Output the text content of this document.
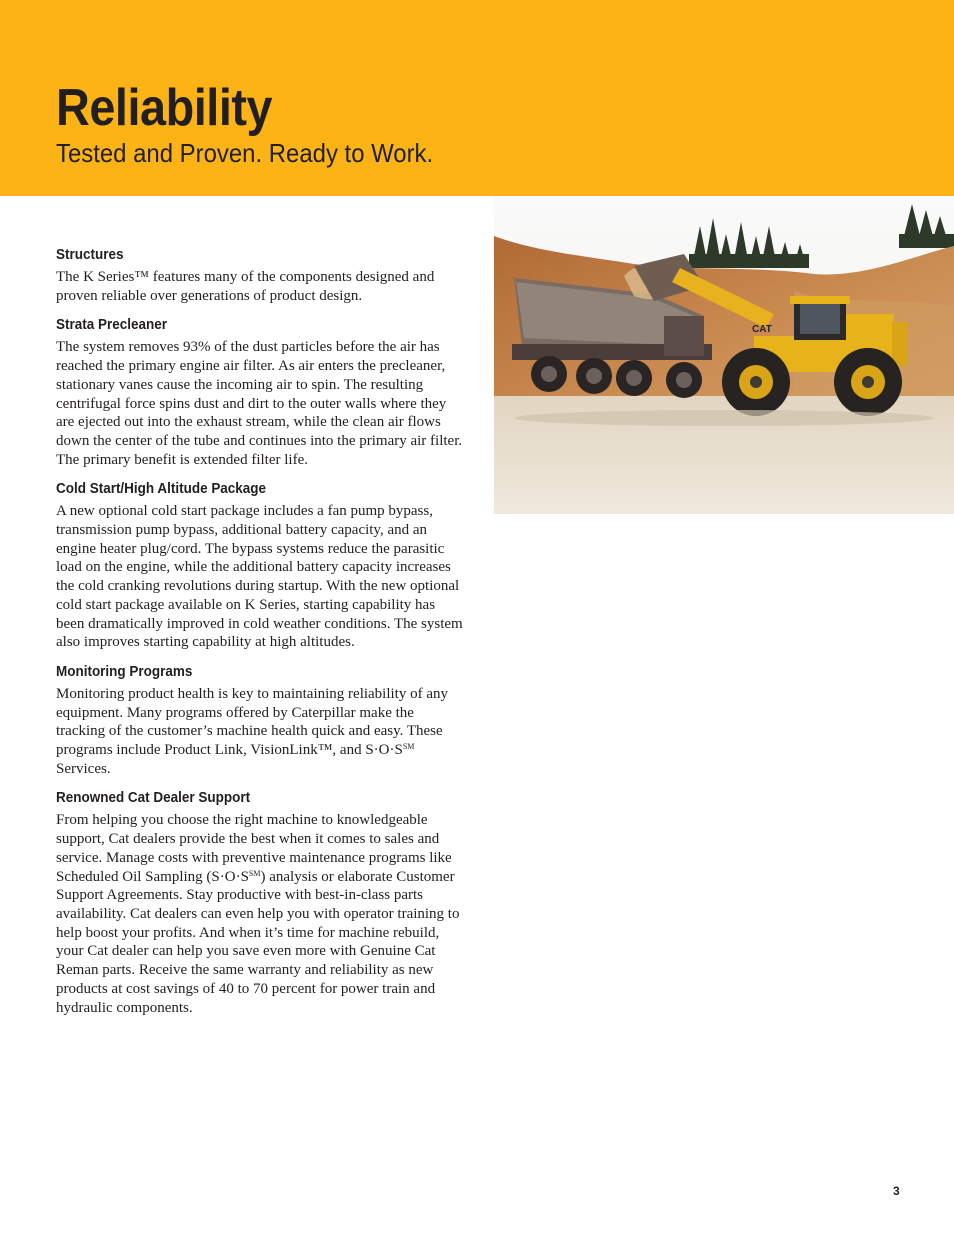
Reliability
Tested and Proven. Ready to Work.
Structures

The K Series™ features many of the components designed and proven reliable over generations of product design.

Strata Precleaner

The system removes 93% of the dust particles before the air has reached the primary engine air filter. As air enters the precleaner, stationary vanes cause the incoming air to spin. The resulting centrifugal force spins dust and dirt to the outer walls where they are ejected out into the exhaust stream, while the clean air flows down the center of the tube and continues into the primary air filter. The primary benefit is extended filter life.

Cold Start/High Altitude Package

A new optional cold start package includes a fan pump bypass, transmission pump bypass, additional battery capacity, and an engine heater plug/cord. The bypass systems reduce the parasitic load on the engine, while the additional battery capacity increases the cold cranking revolutions during startup. With the new optional cold start package available on K Series, starting capability has been dramatically improved in cold weather conditions. The system also improves starting capability at high altitudes.

Monitoring Programs

Monitoring product health is key to maintaining reliability of any equipment. Many programs offered by Caterpillar make the tracking of the customer’s machine health quick and easy. These programs include Product Link, VisionLink™, and S·O·S℠ Services.

Renowned Cat Dealer Support

From helping you choose the right machine to knowledgeable support, Cat dealers provide the best when it comes to sales and service. Manage costs with preventive maintenance programs like Scheduled Oil Sampling (S·O·S℠) analysis or elaborate Customer Support Agreements. Stay productive with best-in-class parts availability. Cat dealers can even help you with operator training to help boost your profits. And when it’s time for machine rebuild, your Cat dealer can help you save even more with Genuine Cat Reman parts. Receive the same warranty and reliability as new products at cost savings of 40 to 70 percent for power train and hydraulic components.

CAT
3
